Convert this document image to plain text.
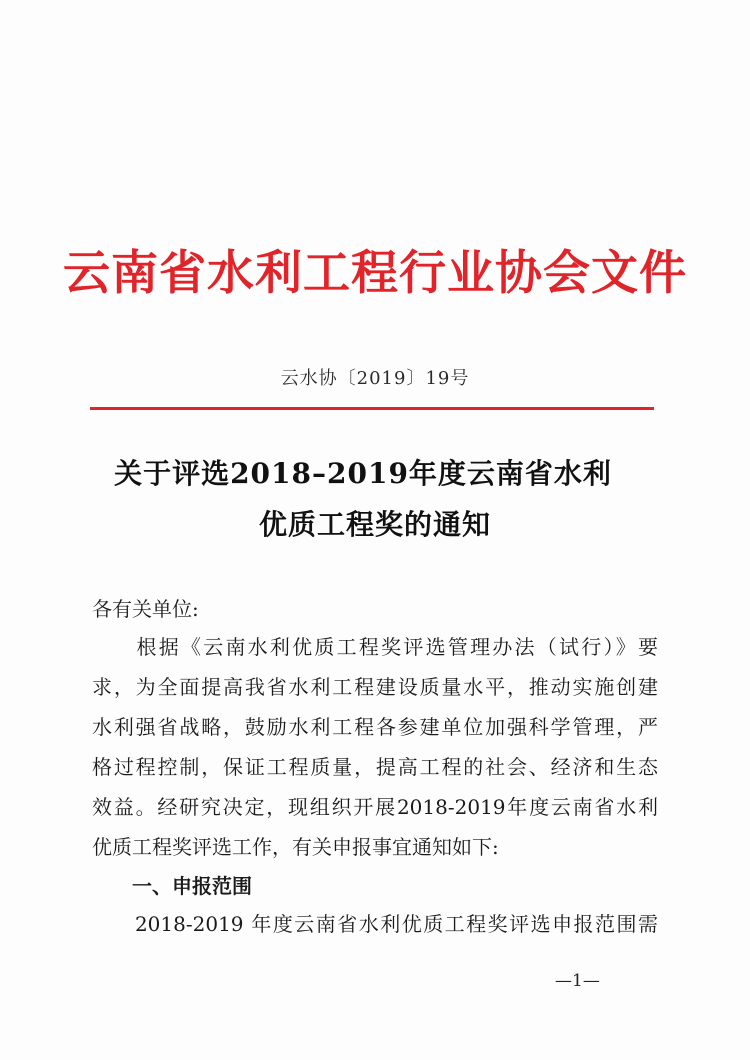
云南省水利工程行业协会文件
云水协〔2019〕19号
关于评选2018–2019年度云南省水利
优质工程奖的通知
各有关单位:
　　根据《云南水利优质工程奖评选管理办法（试行）》要
求，为全面提高我省水利工程建设质量水平，推动实施创建
水利强省战略，鼓励水利工程各参建单位加强科学管理，严
格过程控制，保证工程质量，提高工程的社会、经济和生态
效益。经研究决定，现组织开展2018-2019年度云南省水利
优质工程奖评选工作，有关申报事宜通知如下:
一、申报范围
　　2018-2019 年度云南省水利优质工程奖评选申报范围需
—1—
